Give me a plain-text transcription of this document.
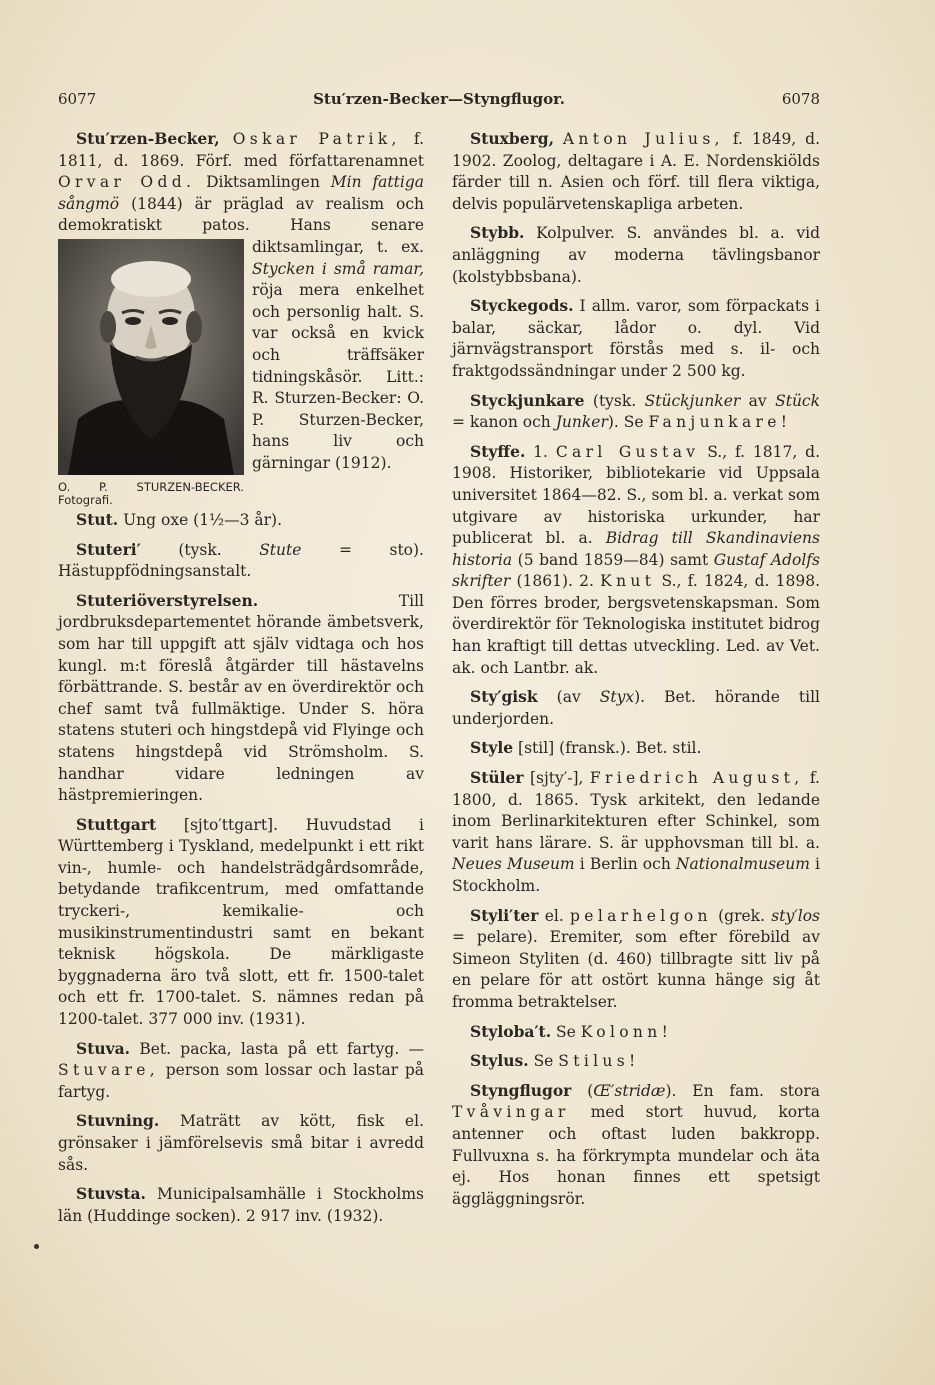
6077	Stu′rzen-Becker—Styngflugor.	6078

Stu′rzen-Becker, Oskar Patrik, f. 1811, d. 1869. Förf. med författarenamnet Orvar Odd. Diktsamlingen Min fattiga sångmö (1844) är präglad av realism och demokratiskt patos. Hans senare diktsamlingar, t. ex.
O. P. STURZEN-BECKER. Fotografi.
Stycken i små ramar, röja mera enkelhet och personlig halt. S. var också en kvick och träffsäker tidningskåsör. Litt.: R. Sturzen-Becker: O. P. Sturzen-Becker, hans liv och gärningar (1912).

Stut. Ung oxe (1½—3 år).

Stuteri′ (tysk. Stute = sto). Hästuppfödningsanstalt.

Stuteriöverstyrelsen. Till jordbruksdepartementet hörande ämbetsverk, som har till uppgift att själv vidtaga och hos kungl. m:t föreslå åtgärder till hästavelns förbättrande. S. består av en överdirektör och chef samt två fullmäktige. Under S. höra statens stuteri och hingstdepå vid Flyinge och statens hingstdepå vid Strömsholm. S. handhar vidare ledningen av hästpremieringen.

Stuttgart [sjto′ttgart]. Huvudstad i Württemberg i Tyskland, medelpunkt i ett rikt vin-, humle- och handelsträdgårdsområde, betydande trafikcentrum, med omfattande tryckeri-, kemikalie- och musikinstrumentindustri samt en bekant teknisk högskola. De märkligaste byggnaderna äro två slott, ett fr. 1500-talet och ett fr. 1700-talet. S. nämnes redan på 1200-talet. 377 000 inv. (1931).

Stuva. Bet. packa, lasta på ett fartyg. — Stuvare, person som lossar och lastar på fartyg.

Stuvning. Maträtt av kött, fisk el. grönsaker i jämförelsevis små bitar i avredd sås.

Stuvsta. Municipalsamhälle i Stockholms län (Huddinge socken). 2 917 inv. (1932).

Stuxberg, Anton Julius, f. 1849, d. 1902. Zoolog, deltagare i A. E. Nordenskiölds färder till n. Asien och förf. till flera viktiga, delvis populärvetenskapliga arbeten.

Stybb. Kolpulver. S. användes bl. a. vid anläggning av moderna tävlingsbanor (kolstybbsbana).

Styckegods. I allm. varor, som förpackats i balar, säckar, lådor o. dyl. Vid järnvägstransport förstås med s. il- och fraktgodssändningar under 2 500 kg.

Styckjunkare (tysk. Stückjunker av Stück = kanon och Junker). Se Fanjunkare!

Styffe. 1. Carl Gustav S., f. 1817, d. 1908. Historiker, bibliotekarie vid Uppsala universitet 1864—82. S., som bl. a. verkat som utgivare av historiska urkunder, har publicerat bl. a. Bidrag till Skandinaviens historia (5 band 1859—84) samt Gustaf Adolfs skrifter (1861). 2. Knut S., f. 1824, d. 1898. Den förres broder, bergsvetenskapsman. Som överdirektör för Teknologiska institutet bidrog han kraftigt till dettas utveckling. Led. av Vet. ak. och Lantbr. ak.

Sty′gisk (av Styx). Bet. hörande till underjorden.

Style [stil] (fransk.). Bet. stil.

Stüler [sjty′-], Friedrich August, f. 1800, d. 1865. Tysk arkitekt, den ledande inom Berlinarkitekturen efter Schinkel, som varit hans lärare. S. är upphovsman till bl. a. Neues Museum i Berlin och Nationalmuseum i Stockholm.

Styli′ter el. pelarhelgon (grek. sty′los = pelare). Eremiter, som efter förebild av Simeon Styliten (d. 460) tillbragte sitt liv på en pelare för att ostört kunna hänge sig åt fromma betraktelser.

Styloba′t. Se Kolonn!

Stylus. Se Stilus!

Styngflugor (Œ′stridæ). En fam. stora Tvåvingar med stort huvud, korta antenner och oftast luden bakkropp. Fullvuxna s. ha förkrympta mundelar och äta ej. Hos honan finnes ett spetsigt äggläggningsrör.
